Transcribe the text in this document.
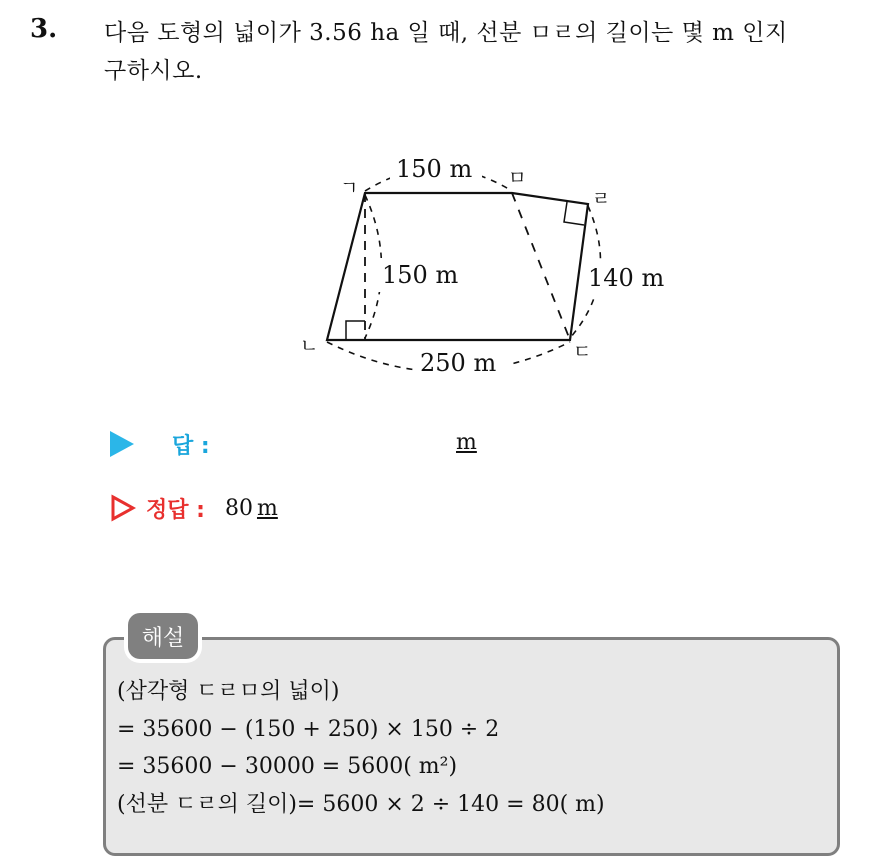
3. 다음 도형의 넓이가 3.56 ha 일 때, 선분 ㅁㄹ의 길이는 몇 m 인지
구하시오.
150 m
150 m	140 m
250 m
ㄱ
ㄴ	ㄷ
ㄹ
ㅁ
답 :	m
정답 : 80 m
해설
(삼각형 ㄷㄹㅁ의 넓이)
= 35600 − (150 + 250) × 150 ÷ 2
= 35600 − 30000 = 5600( m²)
(선분 ㄷㄹ의 길이)= 5600 × 2 ÷ 140 = 80( m)
